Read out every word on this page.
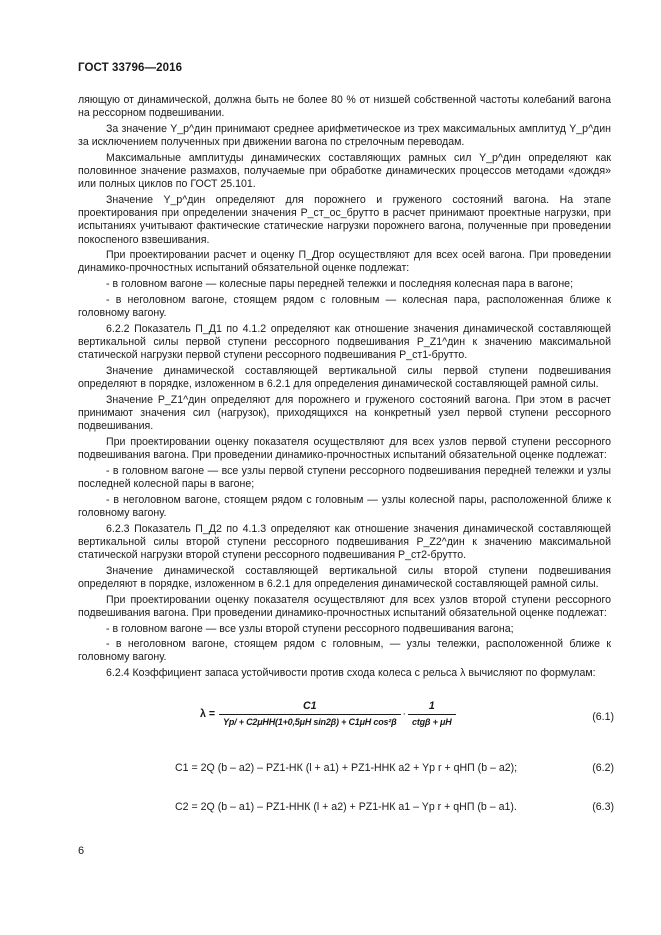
ГОСТ 33796—2016

ляющую от динамической, должна быть не более 80 % от низшей собственной частоты колебаний вагона на рессорном подвешивании.

За значение Y_p^дин принимают среднее арифметическое из трех максимальных амплитуд Y_p^дин за исключением полученных при движении вагона по стрелочным переводам.

Максимальные амплитуды динамических составляющих рамных сил Y_p^дин определяют как половинное значение размахов, получаемые при обработке динамических процессов методами «дождя» или полных циклов по ГОСТ 25.101.

Значение Y_p^дин определяют для порожнего и груженого состояний вагона. На этапе проектирования при определении значения P_ст_ос_брутто в расчет принимают проектные нагрузки, при испытаниях учитывают фактические статические нагрузки порожнего вагона, полученные при проведении покоспеного взвешивания.

При проектировании расчет и оценку П_Дгор осуществляют для всех осей вагона. При проведении динамико-прочностных испытаний обязательной оценке подлежат:

- в головном вагоне — колесные пары передней тележки и последняя колесная пара в вагоне;

- в неголовном вагоне, стоящем рядом с головным — колесная пара, расположенная ближе к головному вагону.

6.2.2 Показатель П_Д1 по 4.1.2 определяют как отношение значения динамической составляющей вертикальной силы первой ступени рессорного подвешивания P_Z1^дин к значению максимальной статической нагрузки первой ступени рессорного подвешивания P_ст1-брутто.

Значение динамической составляющей вертикальной силы первой ступени подвешивания определяют в порядке, изложенном в 6.2.1 для определения динамической составляющей рамной силы.

Значение P_Z1^дин определяют для порожнего и груженого состояний вагона. При этом в расчет принимают значения сил (нагрузок), приходящихся на конкретный узел первой ступени рессорного подвешивания.

При проектировании оценку показателя осуществляют для всех узлов первой ступени рессорного подвешивания вагона. При проведении динамико-прочностных испытаний обязательной оценке подлежат:

- в головном вагоне — все узлы первой ступени рессорного подвешивания передней тележки и узлы последней колесной пары в вагоне;

- в неголовном вагоне, стоящем рядом с головным — узлы колесной пары, расположенной ближе к головному вагону.

6.2.3 Показатель П_Д2 по 4.1.3 определяют как отношение значения динамической составляющей вертикальной силы второй ступени рессорного подвешивания P_Z2^дин к значению максимальной статической нагрузки второй ступени рессорного подвешивания P_ст2-брутто.

Значение динамической составляющей вертикальной силы второй ступени подвешивания определяют в порядке, изложенном в 6.2.1 для определения динамической составляющей рамной силы.

При проектировании оценку показателя осуществляют для всех узлов второй ступени рессорного подвешивания вагона. При проведении динамико-прочностных испытаний обязательной оценке подлежат:

- в головном вагоне — все узлы второй ступени рессорного подвешивания вагона;

- в неголовном вагоне, стоящем рядом с головным, — узлы тележки, расположенной ближе к головному вагону.

6.2.4 Коэффициент запаса устойчивости против схода колеса с рельса λ вычисляют по формулам:

$\lambda = \frac{C1}{\text{Yр/ + C2μНН(1+0,5μН sin2β) + C1μН cos²β}} \cdot \frac{1}{\text{ctgβ + μН}}$	(6.1)
C1 = 2Q (b – a2) – PZ1-НК (l + a1) + PZ1-ННК a2 + Yр r + qНП (b – a2);	(6.2)
C2 = 2Q (b – a1) – PZ1-ННК (l + a2) + PZ1-НК a1 – Yр r + qНП (b – a1).	(6.3)
6
